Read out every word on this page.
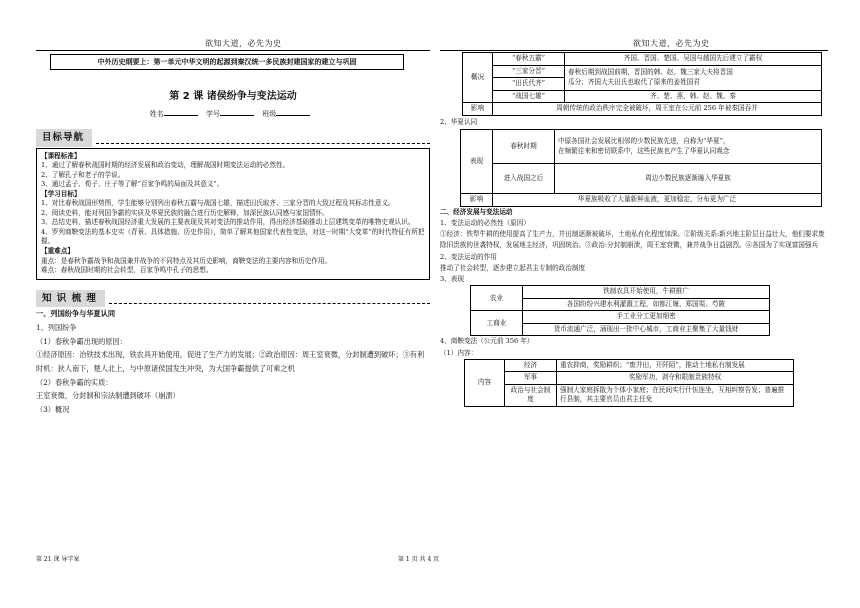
欲知大道，必先为史	欲知大道，必先为史
中外历史纲要上：第一单元中华文明的起源到秦汉统一多民族封建国家的建立与巩固
第 2 课 诸侯纷争与变法运动
姓名	学号	班级
目标导航

【课程标准】

1、通过了解春秋战国时期的经济发展和政治变动，理解战国时期变法运动的必然性。

2、了解孔子和老子的学说。

3、通过孟子、荀子、庄子等了解“百家争鸣的局面及其意义”。

【学习目标】

1、对比春秋战国形势图，学生能够分别列出春秋五霸与战国七雄，描述田氏取齐、三家分晋的大致过程及其标志性意义。

2、阅读史料，能对列国争霸的实质及华夏民族的融合进行历史解释，加深民族认同感与家国情怀。

3、总结史料，描述春秋战国经济重大发展的主要表现及其对变法的推动作用，得出经济基础推动上层建筑变革的唯物史观认识。

4、罗列商鞅变法的基本史实（背景、具体措施、历史作用），简单了解其他国家代表性变法，对这一时期“大变革”的时代特征有所把握。

【重难点】

重点：是春秋争霸战争和战国兼并战争的不同特点及其历史影响，商鞅变法的主要内容和历史作用。

难点：春秋战国时期的社会转型，百家争鸣中孔子的思想。

知 识 梳 理

一、列国纷争与华夏认同

1、列国纷争

（1）春秋争霸出现的原因：

①经济原因：冶铁技术出现，铁农具开始使用，促进了生产力的发展；②政治原因：周王室衰微，分封制遭到破坏；③有利时机：狄人南下，楚人北上，与中原诸侯国发生冲突，为大国争霸提供了可乘之机

（2）春秋争霸的实质：

王室衰微，分封制和宗法制遭到破坏（崩溃）

（3）概况

概况	“春秋五霸”	齐国、晋国、楚国、吴国与越国先后建立了霸权
	“三家分晋”	春秋后期到战国前期，晋国的韩、赵、魏三家大夫将晋国
瓜分；齐国大夫田氏也取代了原来的姜姓国君
	“田氏代齐”	
	“战国七雄”	齐、楚、燕、韩、赵、魏、秦
影响	周朝传统的政治秩序完全被破坏，周王室在公元前 256 年被秦国吞并	

2、华夏认同

表现	春秋时期	中原各国社会发展比相邻的少数民族先进，自称为“华夏”，
在频繁往来和密切联系中，这些民族也产生了华夏认同观念
	进入战国之后	周边少数民族逐渐融入华夏族
影响	华夏族吸收了大量新鲜血液，更加稳定，分布更为广泛	

二、经济发展与变法运动

1、变法运动的必然性（原因）

①经济：铁犁牛耕的使用提高了生产力，井田制逐渐被破坏，土地私有化程度加深。②阶级关系:新兴地主阶层日益壮大，他们要求废除旧贵族的世袭特权，发展地主经济，巩固统治。③政治:分封制崩溃，周王室衰微，兼并战争日益剧烈。④各国为了实现富国强兵

2、变法运动的作用

推动了社会转型，逐步建立起君主专制的政治制度

3、表现

农业	铁制农具开始使用，牛耕推广
	各国纷纷兴建水利灌溉工程，如都江堰、郑国渠、芍陂
工商业	手工业分工更加细密
	货币流通广泛，涌现出一批中心城市，工商业主聚集了大量钱财

4、商鞅变法（公元前 356 年）

（1）内容：

内容	经济	重农抑商，奖励耕织；“废井田，开阡陌”，推动土地私有制发展
	军事	奖励军功，剥夺和限制贵族特权
	政治与社会制度	强制大家庭拆散为个体小家庭；在民间实行什伍连坐，互相纠察告发；普遍推行县制，其主要官员由君主任免
第 21 课 导学案	第 1 页 共 4 页
